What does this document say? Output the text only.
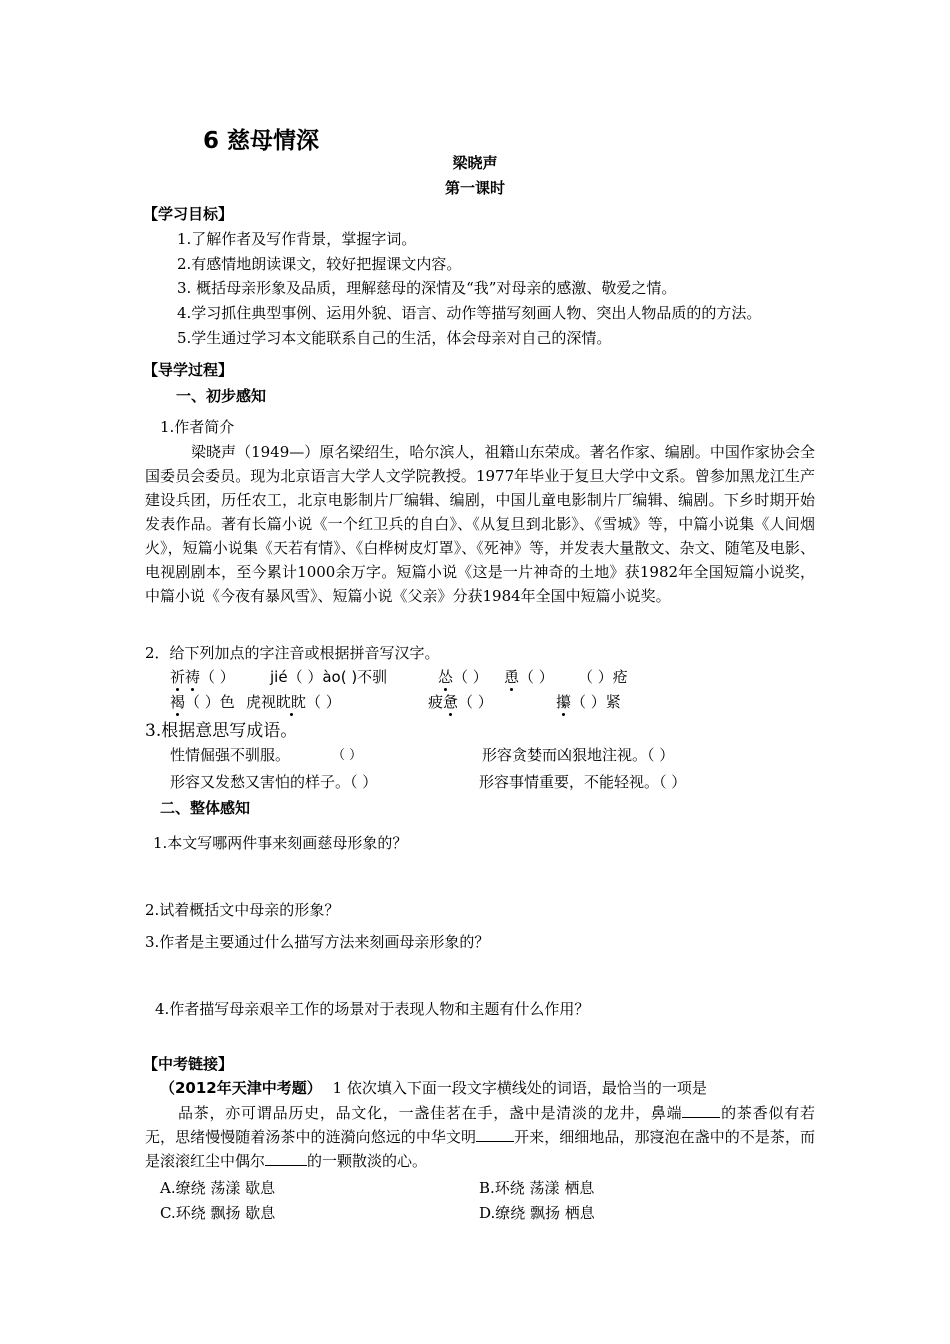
6 慈母情深
梁晓声
第一课时
【学习目标】
1.了解作者及写作背景，掌握字词。
2.有感情地朗读课文，较好把握课文内容。
3. 概括母亲形象及品质，理解慈母的深情及“我”对母亲的感激、敬爱之情。
4.学习抓住典型事例、运用外貌、语言、动作等描写刻画人物、突出人物品质的的方法。
5.学生通过学习本文能联系自己的生活，体会母亲对自己的深情。
【导学过程】
一、初步感知
1.作者简介
梁晓声（1949—）原名梁绍生，哈尔滨人，祖籍山东荣成。著名作家、编剧。中国作家协会全国委员会委员。现为北京语言大学人文学院教授。1977年毕业于复旦大学中文系。曾参加黑龙江生产建设兵团，历任农工，北京电影制片厂编辑、编剧，中国儿童电影制片厂编辑、编剧。下乡时期开始发表作品。著有长篇小说《一个红卫兵的自白》、《从复旦到北影》、《雪城》等，中篇小说集《人间烟火》，短篇小说集《天若有情》、《白桦树皮灯罩》、《死神》等，并发表大量散文、杂文、随笔及电影、电视剧剧本，至今累计1000余万字。短篇小说《这是一片神奇的土地》获1982年全国短篇小说奖，中篇小说《今夜有暴风雪》、短篇小说《父亲》分获1984年全国中短篇小说奖。
2．给下列加点的字注音或根据拼音写汉字。
祈祷（ ） jié（ ）ào( )不驯	怂（ ） 恿（ ） （ ）疮
褐（ ）色 虎视眈眈（ ）	疲惫（ ）	攥（ ）紧
3.根据意思写成语。
性情倔强不驯服。	（ ）	形容贪婪而凶狠地注视。（ ）
形容又发愁又害怕的样子。（ ）	形容事情重要，不能轻视。（ ）
二、整体感知
1.本文写哪两件事来刻画慈母形象的？
2.试着概括文中母亲的形象？
3.作者是主要通过什么描写方法来刻画母亲形象的？
4.作者描写母亲艰辛工作的场景对于表现人物和主题有什么作用？
【中考链接】
（2012年天津中考题） 1 依次填入下面一段文字横线处的词语，最恰当的一项是
品茶，亦可谓品历史，品文化，一盏佳茗在手，盏中是清淡的龙井，鼻端	的茶香似有若无，思绪慢慢随着汤茶中的涟漪向悠远的中华文明	开来，细细地品，那寖泡在盏中的不是茶，而是滚滚红尘中偶尔	的一颗散淡的心。
A.缭绕 荡漾 歇息	B.环绕 荡漾 栖息
C.环绕 飘扬 歇息	D.缭绕 飘扬 栖息
